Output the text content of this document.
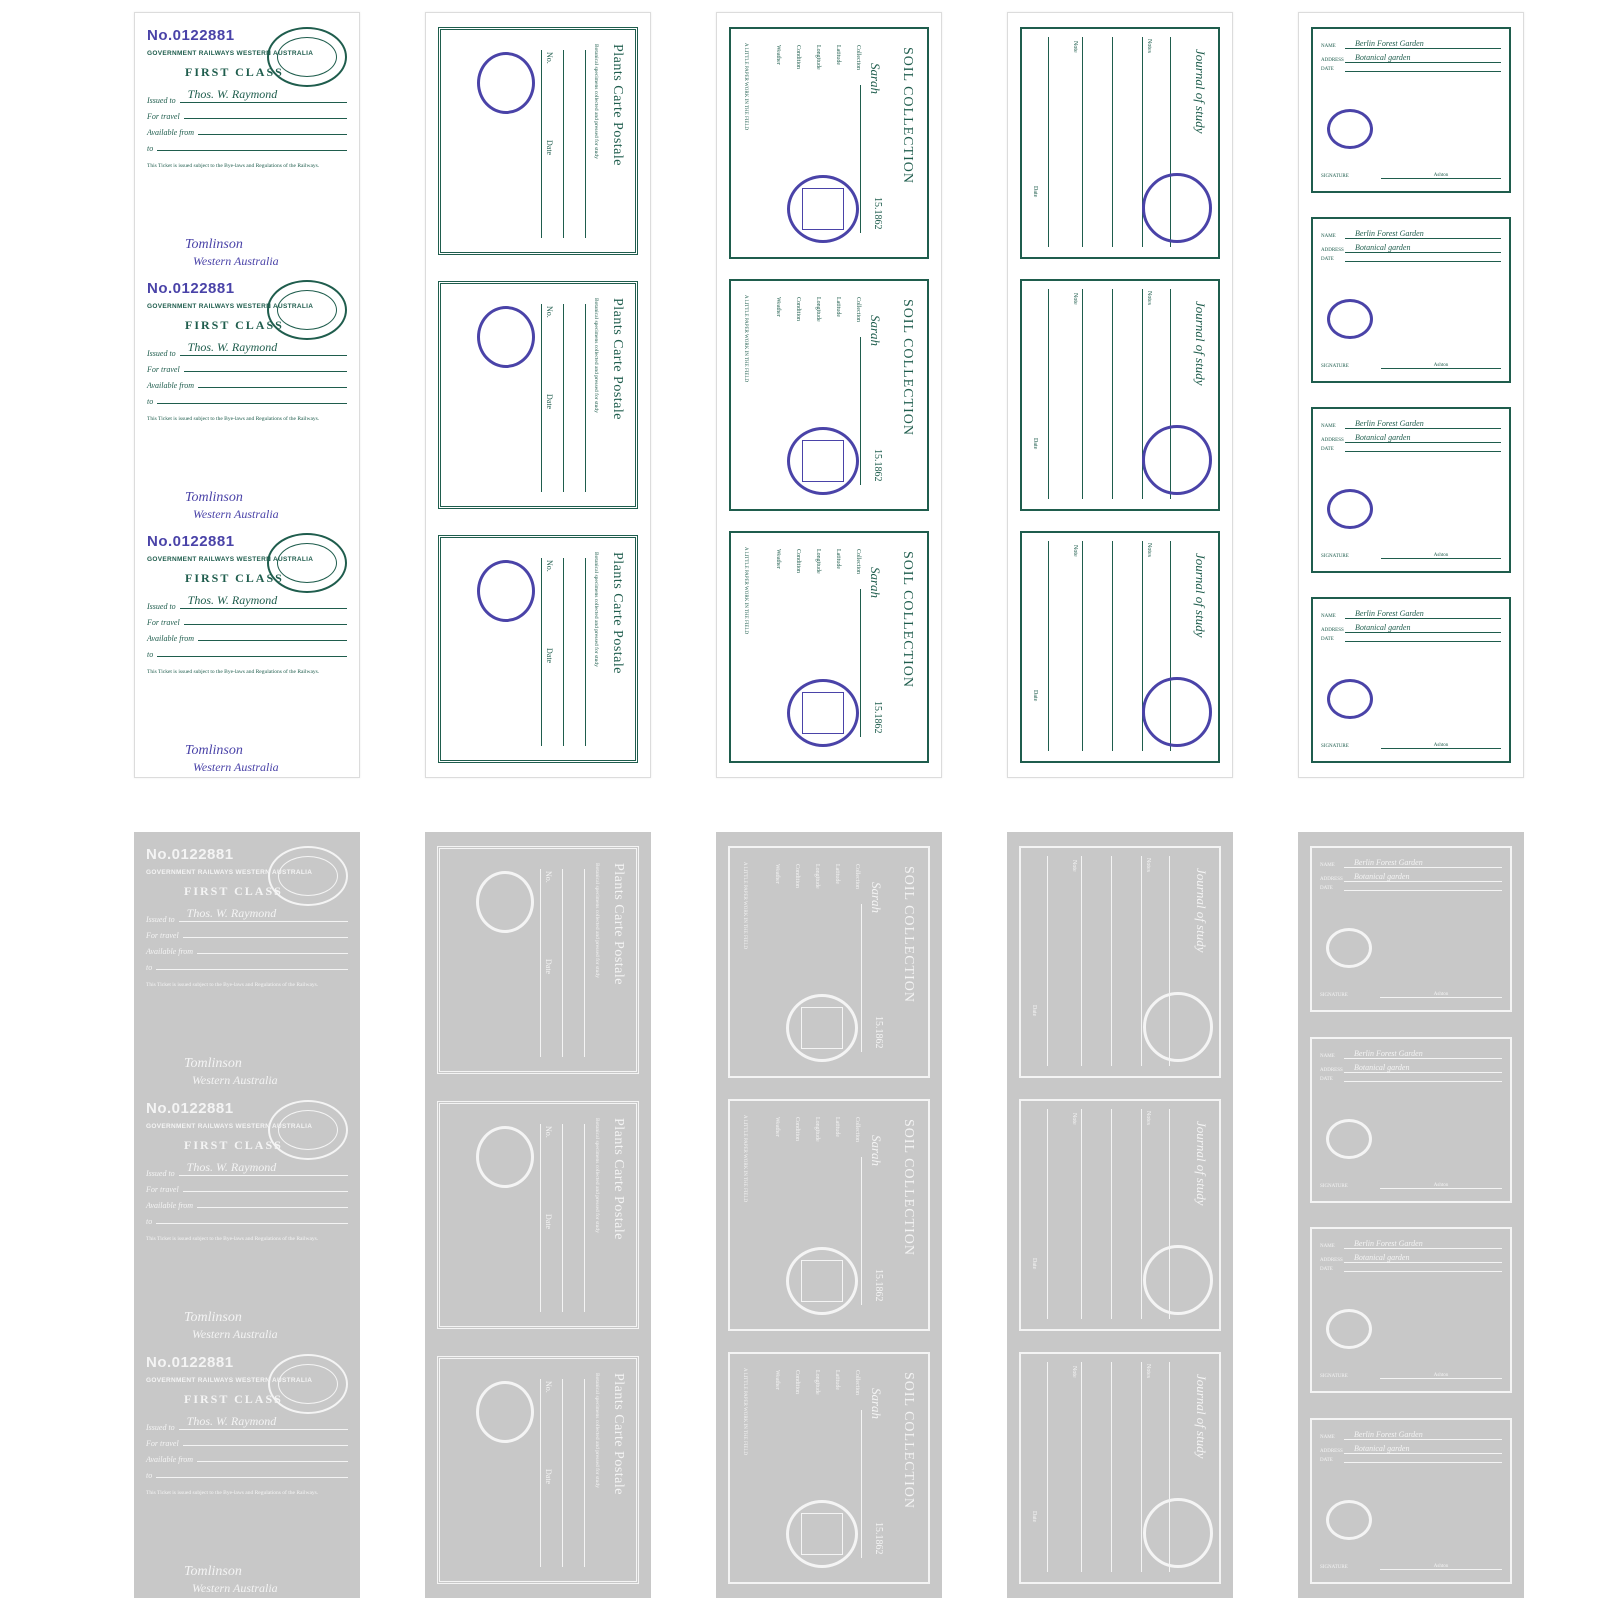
No.0122881
GOVERNMENT RAILWAYS WESTERN AUSTRALIA
FIRST CLASS
Issued to	Thos. W. Raymond
For travel
Available from
to
This Ticket is issued subject to the Bye-laws and Regulations of the Railways.
Tomlinson
Western Australia
No.0122881
GOVERNMENT RAILWAYS WESTERN AUSTRALIA
FIRST CLASS
Issued to	Thos. W. Raymond
For travel
Available from
to
This Ticket is issued subject to the Bye-laws and Regulations of the Railways.
Tomlinson
Western Australia
No.0122881
GOVERNMENT RAILWAYS WESTERN AUSTRALIA
FIRST CLASS
Issued to	Thos. W. Raymond
For travel
Available from
to
This Ticket is issued subject to the Bye-laws and Regulations of the Railways.
Tomlinson
Western Australia
Plants Carte Postale
Botanical specimens collected and pressed for study
No.
Date
Plants Carte Postale
Botanical specimens collected and pressed for study
No.
Date
Plants Carte Postale
Botanical specimens collected and pressed for study
No.
Date
SOIL COLLECTION
Sarah
15.1862
Collection
Latitude
Longitude
Condition
Weather
A LITTLE PAPER WORK IN THE FIELD
SOIL COLLECTION
Sarah
15.1862
Collection
Latitude
Longitude
Condition
Weather
A LITTLE PAPER WORK IN THE FIELD
SOIL COLLECTION
Sarah
15.1862
Collection
Latitude
Longitude
Condition
Weather
A LITTLE PAPER WORK IN THE FIELD
Date
Note	Notes
Journal of study
Date
Note	Notes
Journal of study
Date
Note	Notes
Journal of study
NAME	Berlin Forest Garden
ADDRESS	Botanical garden
DATE
SIGNATURE	Ashton
NAME	Berlin Forest Garden
ADDRESS	Botanical garden
DATE
SIGNATURE	Ashton
NAME	Berlin Forest Garden
ADDRESS	Botanical garden
DATE
SIGNATURE	Ashton
NAME	Berlin Forest Garden
ADDRESS	Botanical garden
DATE
SIGNATURE	Ashton
No.0122881
GOVERNMENT RAILWAYS WESTERN AUSTRALIA
FIRST CLASS
Issued to	Thos. W. Raymond
For travel
Available from
to
This Ticket is issued subject to the Bye-laws and Regulations of the Railways.
Tomlinson
Western Australia
No.0122881
GOVERNMENT RAILWAYS WESTERN AUSTRALIA
FIRST CLASS
Issued to	Thos. W. Raymond
For travel
Available from
to
This Ticket is issued subject to the Bye-laws and Regulations of the Railways.
Tomlinson
Western Australia
No.0122881
GOVERNMENT RAILWAYS WESTERN AUSTRALIA
FIRST CLASS
Issued to	Thos. W. Raymond
For travel
Available from
to
This Ticket is issued subject to the Bye-laws and Regulations of the Railways.
Tomlinson
Western Australia
Plants Carte Postale
Botanical specimens collected and pressed for study
No.
Date
Plants Carte Postale
Botanical specimens collected and pressed for study
No.
Date
Plants Carte Postale
Botanical specimens collected and pressed for study
No.
Date
SOIL COLLECTION
Sarah
15.1862
Collection
Latitude
Longitude
Condition
Weather
A LITTLE PAPER WORK IN THE FIELD
SOIL COLLECTION
Sarah
15.1862
Collection
Latitude
Longitude
Condition
Weather
A LITTLE PAPER WORK IN THE FIELD
SOIL COLLECTION
Sarah
15.1862
Collection
Latitude
Longitude
Condition
Weather
A LITTLE PAPER WORK IN THE FIELD
Date
Note	Notes
Journal of study
Date
Note	Notes
Journal of study
Date
Note	Notes
Journal of study
NAME	Berlin Forest Garden
ADDRESS	Botanical garden
DATE
SIGNATURE	Ashton
NAME	Berlin Forest Garden
ADDRESS	Botanical garden
DATE
SIGNATURE	Ashton
NAME	Berlin Forest Garden
ADDRESS	Botanical garden
DATE
SIGNATURE	Ashton
NAME	Berlin Forest Garden
ADDRESS	Botanical garden
DATE
SIGNATURE	Ashton
